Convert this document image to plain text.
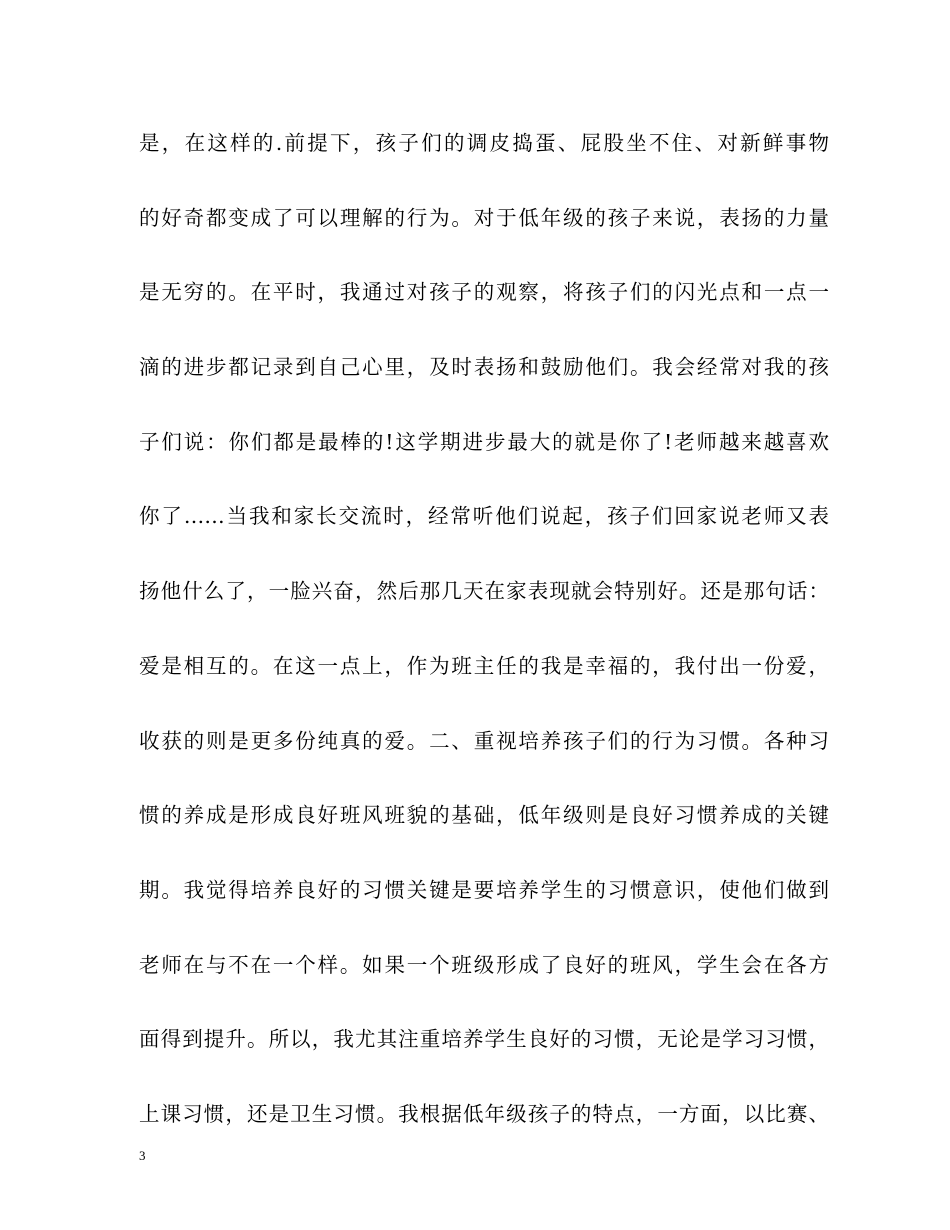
是，在这样的.前提下，孩子们的调皮捣蛋、屁股坐不住、对新鲜事物
的好奇都变成了可以理解的行为。对于低年级的孩子来说，表扬的力量
是无穷的。在平时，我通过对孩子的观察，将孩子们的闪光点和一点一
滴的进步都记录到自己心里，及时表扬和鼓励他们。我会经常对我的孩
子们说：你们都是最棒的!这学期进步最大的就是你了!老师越来越喜欢
你了……当我和家长交流时，经常听他们说起，孩子们回家说老师又表
扬他什么了，一脸兴奋，然后那几天在家表现就会特别好。还是那句话：
爱是相互的。在这一点上，作为班主任的我是幸福的，我付出一份爱，
收获的则是更多份纯真的爱。二、重视培养孩子们的行为习惯。各种习
惯的养成是形成良好班风班貌的基础，低年级则是良好习惯养成的关键
期。我觉得培养良好的习惯关键是要培养学生的习惯意识，使他们做到
老师在与不在一个样。如果一个班级形成了良好的班风，学生会在各方
面得到提升。所以，我尤其注重培养学生良好的习惯，无论是学习习惯，
上课习惯，还是卫生习惯。我根据低年级孩子的特点，一方面，以比赛、
3
